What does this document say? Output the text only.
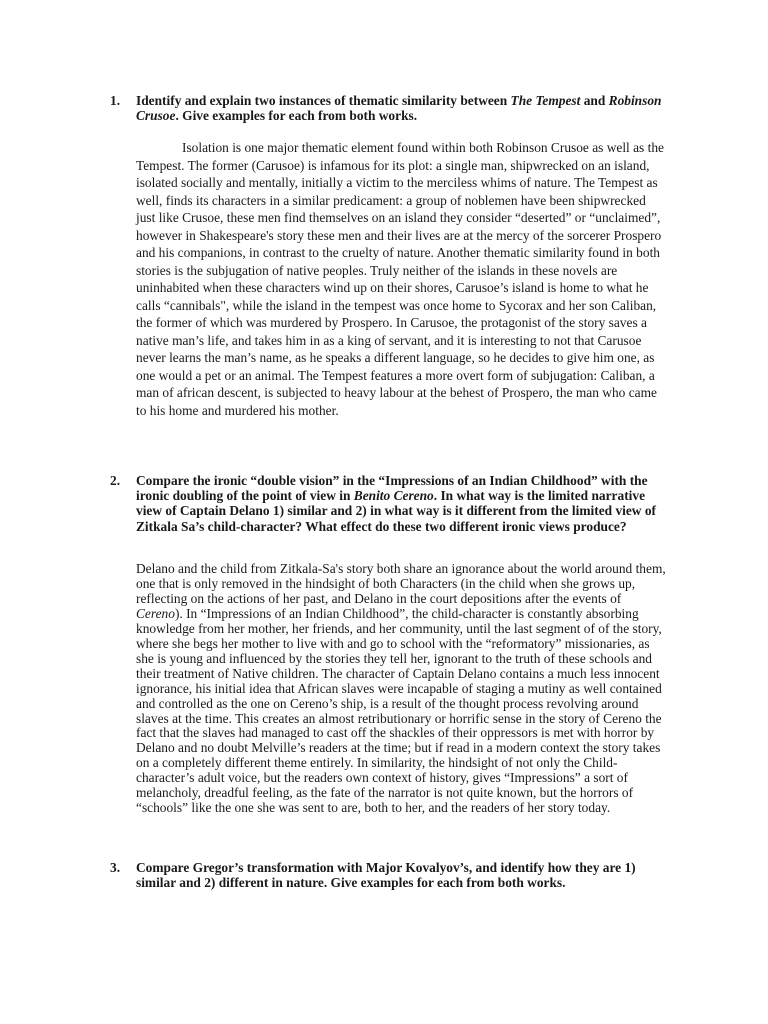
1. Identify and explain two instances of thematic similarity between The Tempest and Robinson Crusoe. Give examples for each from both works.

Isolation is one major thematic element found within both Robinson Crusoe as well as the Tempest. The former (Carusoe) is infamous for its plot: a single man, shipwrecked on an island, isolated socially and mentally, initially a victim to the merciless whims of nature. The Tempest as well, finds its characters in a similar predicament: a group of noblemen have been shipwrecked just like Crusoe, these men find themselves on an island they consider “deserted” or “unclaimed”, however in Shakespeare's story these men and their lives are at the mercy of the sorcerer Prospero and his companions, in contrast to the cruelty of nature. Another thematic similarity found in both stories is the subjugation of native peoples. Truly neither of the islands in these novels are uninhabited when these characters wind up on their shores, Carusoe’s island is home to what he calls “cannibals", while the island in the tempest was once home to Sycorax and her son Caliban, the former of which was murdered by Prospero. In Carusoe, the protagonist of the story saves a native man’s life, and takes him in as a king of servant, and it is interesting to not that Carusoe never learns the man’s name, as he speaks a different language, so he decides to give him one, as one would a pet or an animal. The Tempest features a more overt form of subjugation: Caliban, a man of african descent, is subjected to heavy labour at the behest of Prospero, the man who came to his home and murdered his mother.

2. Compare the ironic “double vision” in the “Impressions of an Indian Childhood” with the ironic doubling of the point of view in Benito Cereno. In what way is the limited narrative view of Captain Delano 1) similar and 2) in what way is it different from the limited view of Zitkala Sa’s child-character? What effect do these two different ironic views produce?

Delano and the child from Zitkala-Sa's story both share an ignorance about the world around them, one that is only removed in the hindsight of both Characters (in the child when she grows up, reflecting on the actions of her past, and Delano in the court depositions after the events of Cereno). In “Impressions of an Indian Childhood”, the child-character is constantly absorbing knowledge from her mother, her friends, and her community, until the last segment of of the story, where she begs her mother to live with and go to school with the “reformatory” missionaries, as she is young and influenced by the stories they tell her, ignorant to the truth of these schools and their treatment of Native children. The character of Captain Delano contains a much less innocent ignorance, his initial idea that African slaves were incapable of staging a mutiny as well contained and controlled as the one on Cereno’s ship, is a result of the thought process revolving around slaves at the time. This creates an almost retributionary or horrific sense in the story of Cereno the fact that the slaves had managed to cast off the shackles of their oppressors is met with horror by Delano and no doubt Melville’s readers at the time; but if read in a modern context the story takes on a completely different theme entirely. In similarity, the hindsight of not only the Child-character’s adult voice, but the readers own context of history, gives “Impressions” a sort of melancholy, dreadful feeling, as the fate of the narrator is not quite known, but the horrors of “schools” like the one she was sent to are, both to her, and the readers of her story today.

3. Compare Gregor’s transformation with Major Kovalyov’s, and identify how they are 1) similar and 2) different in nature. Give examples for each from both works.
